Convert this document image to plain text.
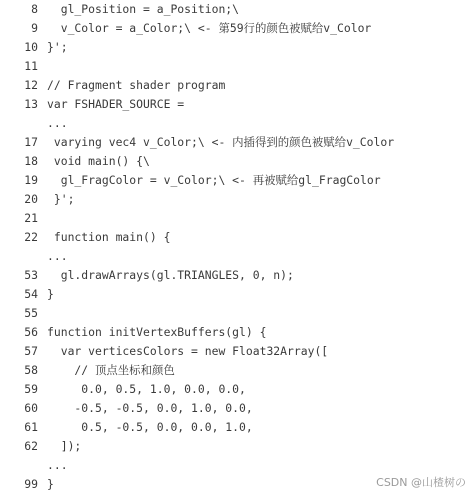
8  gl_Position = a_Position;\
9  v_Color = a_Color;\ <- 第59行的颜色被赋给v_Color
10 }';
11
12 // Fragment shader program
13 var FSHADER_SOURCE =
...
17 varying vec4 v_Color;\ <- 内插得到的颜色被赋给v_Color
18 void main() {\
19  gl_FragColor = v_Color;\ <- 再被赋给gl_FragColor
20 }';
21
22 function main() {
...
53  gl.drawArrays(gl.TRIANGLES, 0, n);
54 }
55
56 function initVertexBuffers(gl) {
57  var verticesColors = new Float32Array([
58    // 顶点坐标和颜色
59     0.0, 0.5, 1.0, 0.0, 0.0,
60    -0.5, -0.5, 0.0, 1.0, 0.0,
61     0.5, -0.5, 0.0, 0.0, 1.0,
62  ]);
...
99 }	CSDN @山楂树の
